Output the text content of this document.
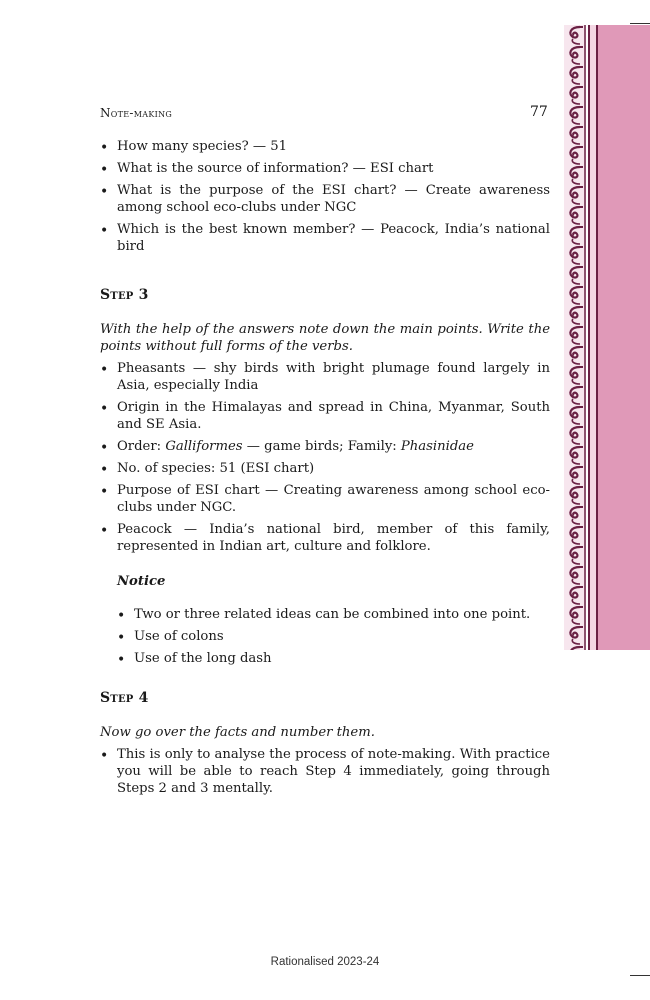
Note-making	77
• How many species? — 51
• What is the source of information? — ESI chart
• What is the purpose of the ESI chart? — Create awareness among school eco-clubs under NGC
• Which is the best known member? — Peacock, India’s national bird

Step 3

With the help of the answers note down the main points. Write the points without full forms of the verbs.

• Pheasants — shy birds with bright plumage found largely in Asia, especially India
• Origin in the Himalayas and spread in China, Myanmar, South and SE Asia.
• Order: Galliformes — game birds; Family: Phasinidae
• No. of species: 51 (ESI chart)
• Purpose of ESI chart — Creating awareness among school eco-clubs under NGC.
• Peacock — India’s national bird, member of this family, represented in Indian art, culture and folklore.

Notice

• Two or three related ideas can be combined into one point.
• Use of colons
• Use of the long dash

Step 4

Now go over the facts and number them.

• This is only to analyse the process of note-making. With practice you will be able to reach Step 4 immediately, going through Steps 2 and 3 mentally.
Rationalised 2023-24
